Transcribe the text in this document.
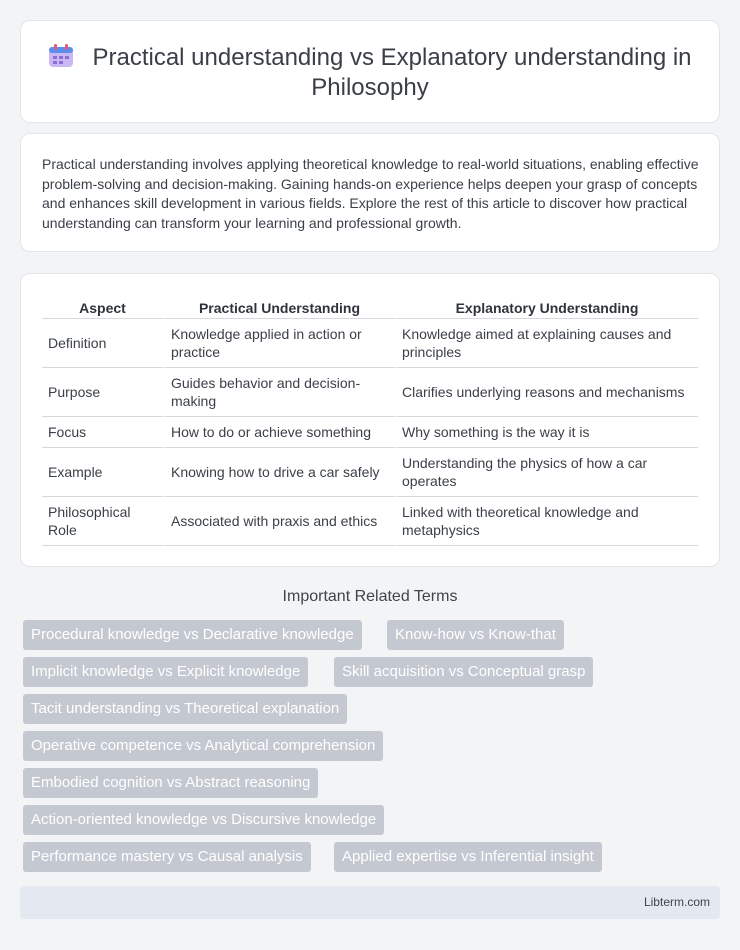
Practical understanding vs Explanatory understanding in Philosophy

Practical understanding involves applying theoretical knowledge to real-world situations, enabling effective problem-solving and decision-making. Gaining hands-on experience helps deepen your grasp of concepts and enhances skill development in various fields. Explore the rest of this article to discover how practical understanding can transform your learning and professional growth.

Aspect	Practical Understanding	Explanatory Understanding
Definition	Knowledge applied in action or practice	Knowledge aimed at explaining causes and principles
Purpose	Guides behavior and decision-making	Clarifies underlying reasons and mechanisms
Focus	How to do or achieve something	Why something is the way it is
Example	Knowing how to drive a car safely	Understanding the physics of how a car operates
Philosophical Role	Associated with praxis and ethics	Linked with theoretical knowledge and metaphysics
Important Related Terms
Procedural knowledge vs Declarative knowledge	Know-how vs Know-that
Implicit knowledge vs Explicit knowledge	Skill acquisition vs Conceptual grasp
Tacit understanding vs Theoretical explanation
Operative competence vs Analytical comprehension
Embodied cognition vs Abstract reasoning
Action-oriented knowledge vs Discursive knowledge
Performance mastery vs Causal analysis	Applied expertise vs Inferential insight
Libterm.com
